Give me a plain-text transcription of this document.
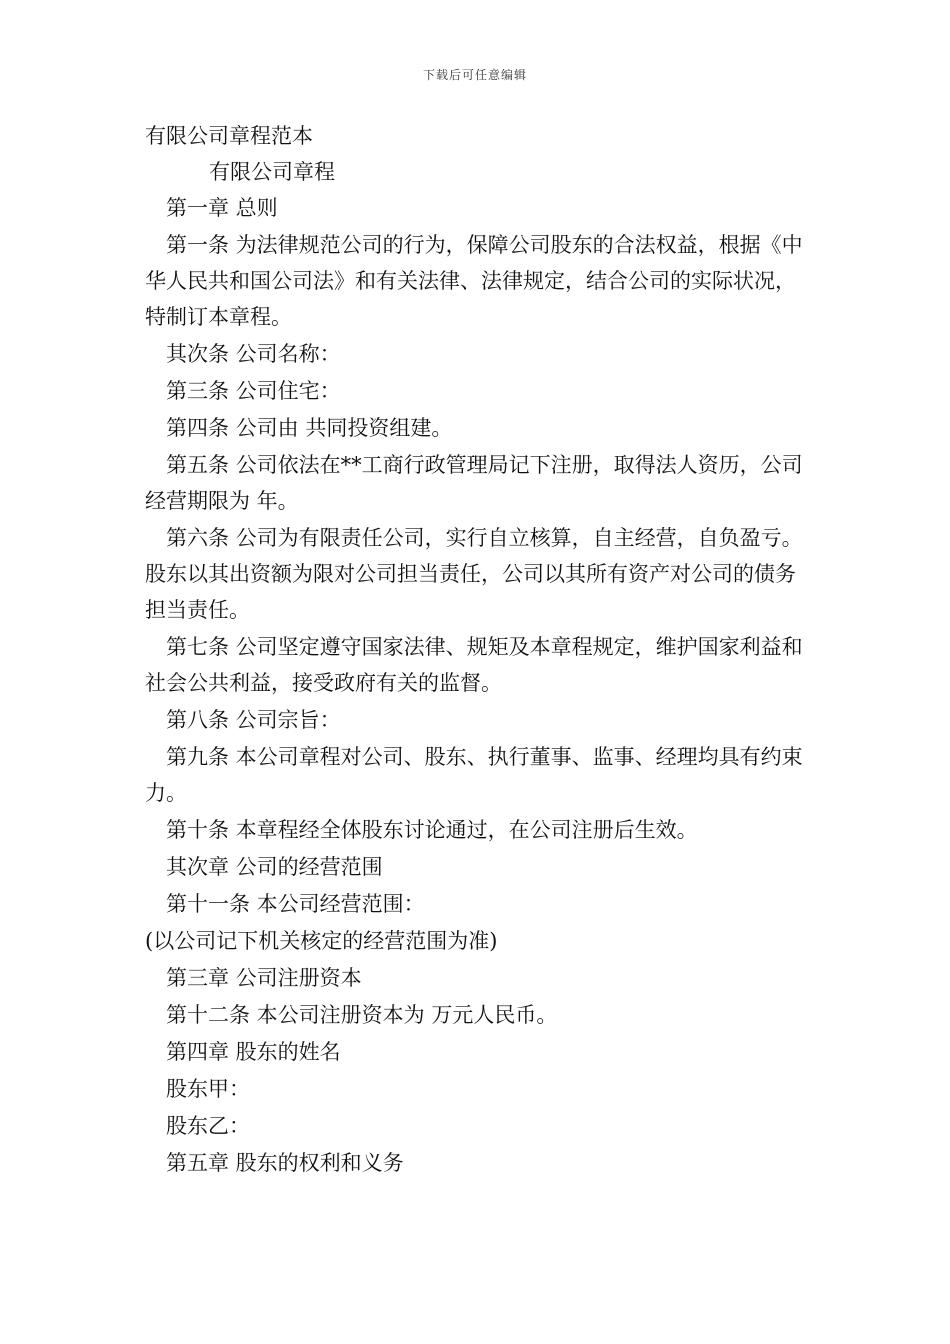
下载后可任意编辑
有限公司章程范本
有限公司章程

第一章 总则

第一条 为法律规范公司的行为，保障公司股东的合法权益，根据《中华人民共和国公司法》和有关法律、法律规定，结合公司的实际状况，特制订本章程。

其次条 公司名称：

第三条 公司住宅：

第四条 公司由 共同投资组建。

第五条 公司依法在**工商行政管理局记下注册，取得法人资历，公司经营期限为 年。

第六条 公司为有限责任公司，实行自立核算，自主经营，自负盈亏。股东以其出资额为限对公司担当责任，公司以其所有资产对公司的债务担当责任。

第七条 公司坚定遵守国家法律、规矩及本章程规定，维护国家利益和社会公共利益，接受政府有关的监督。

第八条 公司宗旨：

第九条 本公司章程对公司、股东、执行董事、监事、经理均具有约束力。

第十条 本章程经全体股东讨论通过，在公司注册后生效。

其次章 公司的经营范围

第十一条 本公司经营范围：

(以公司记下机关核定的经营范围为准)

第三章 公司注册资本

第十二条 本公司注册资本为 万元人民币。

第四章 股东的姓名

股东甲：

股东乙：

第五章 股东的权利和义务
